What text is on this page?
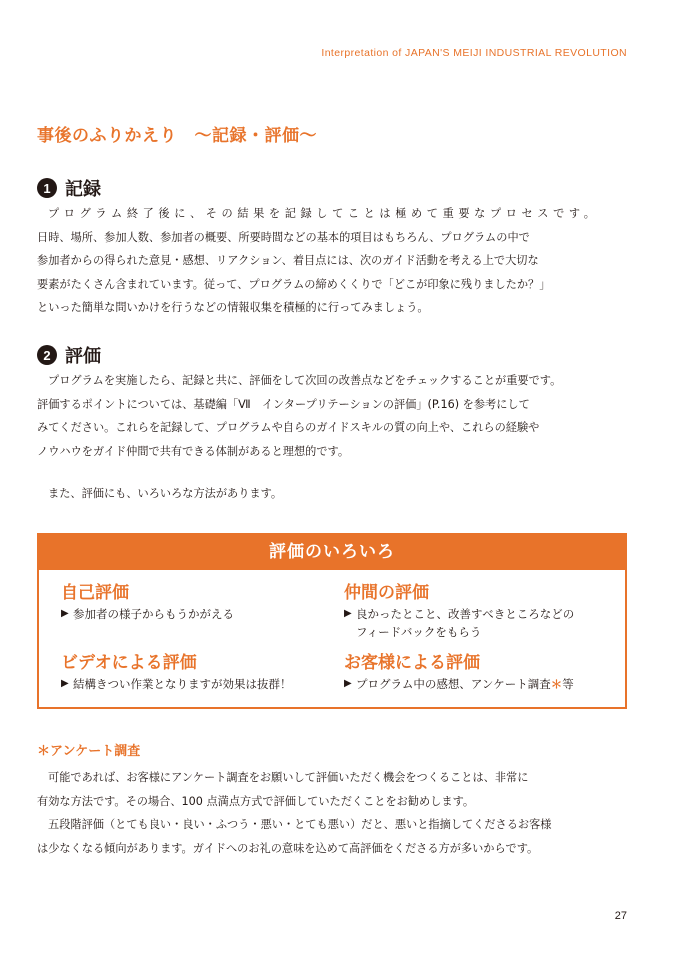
Interpretation of JAPAN'S MEIJI INDUSTRIAL REVOLUTION
事後のふりかえり　～記録・評価～
1 記録
プログラム終了後に、その結果を記録してことは極めて重要なプロセスです。
日時、場所、参加人数、参加者の概要、所要時間などの基本的項目はもちろん、プログラムの中で
参加者からの得られた意見・感想、リアクション、着目点には、次のガイド活動を考える上で大切な
要素がたくさん含まれています。従って、プログラムの締めくくりで「どこが印象に残りましたか？」
といった簡単な問いかけを行うなどの情報収集を積極的に行ってみましょう。
2 評価
プログラムを実施したら、記録と共に、評価をして次回の改善点などをチェックすることが重要です。
評価するポイントについては、基礎編「Ⅶ　インタープリテーションの評価」(P.16) を参考にして
みてください。これらを記録して、プログラムや自らのガイドスキルの質の向上や、これらの経験や
ノウハウをガイド仲間で共有できる体制があると理想的です。
また、評価にも、いろいろな方法があります。
評価のいろいろ
自己評価
▶ 参加者の様子からもうかがえる
仲間の評価
▶ 良かったとこと、改善すべきところなどの
フィードバックをもらう
ビデオによる評価
▶ 結構きつい作業となりますが効果は抜群！
お客様による評価
▶ プログラム中の感想、アンケート調査 ＊ 等
＊アンケート調査
可能であれば、お客様にアンケート調査をお願いして評価いただく機会をつくることは、非常に
有効な方法です。その場合、100 点満点方式で評価していただくことをお勧めします。
五段階評価（とても良い・良い・ふつう・悪い・とても悪い）だと、悪いと指摘してくださるお客様
は少なくなる傾向があります。ガイドへのお礼の意味を込めて高評価をくださる方が多いからです。
27
